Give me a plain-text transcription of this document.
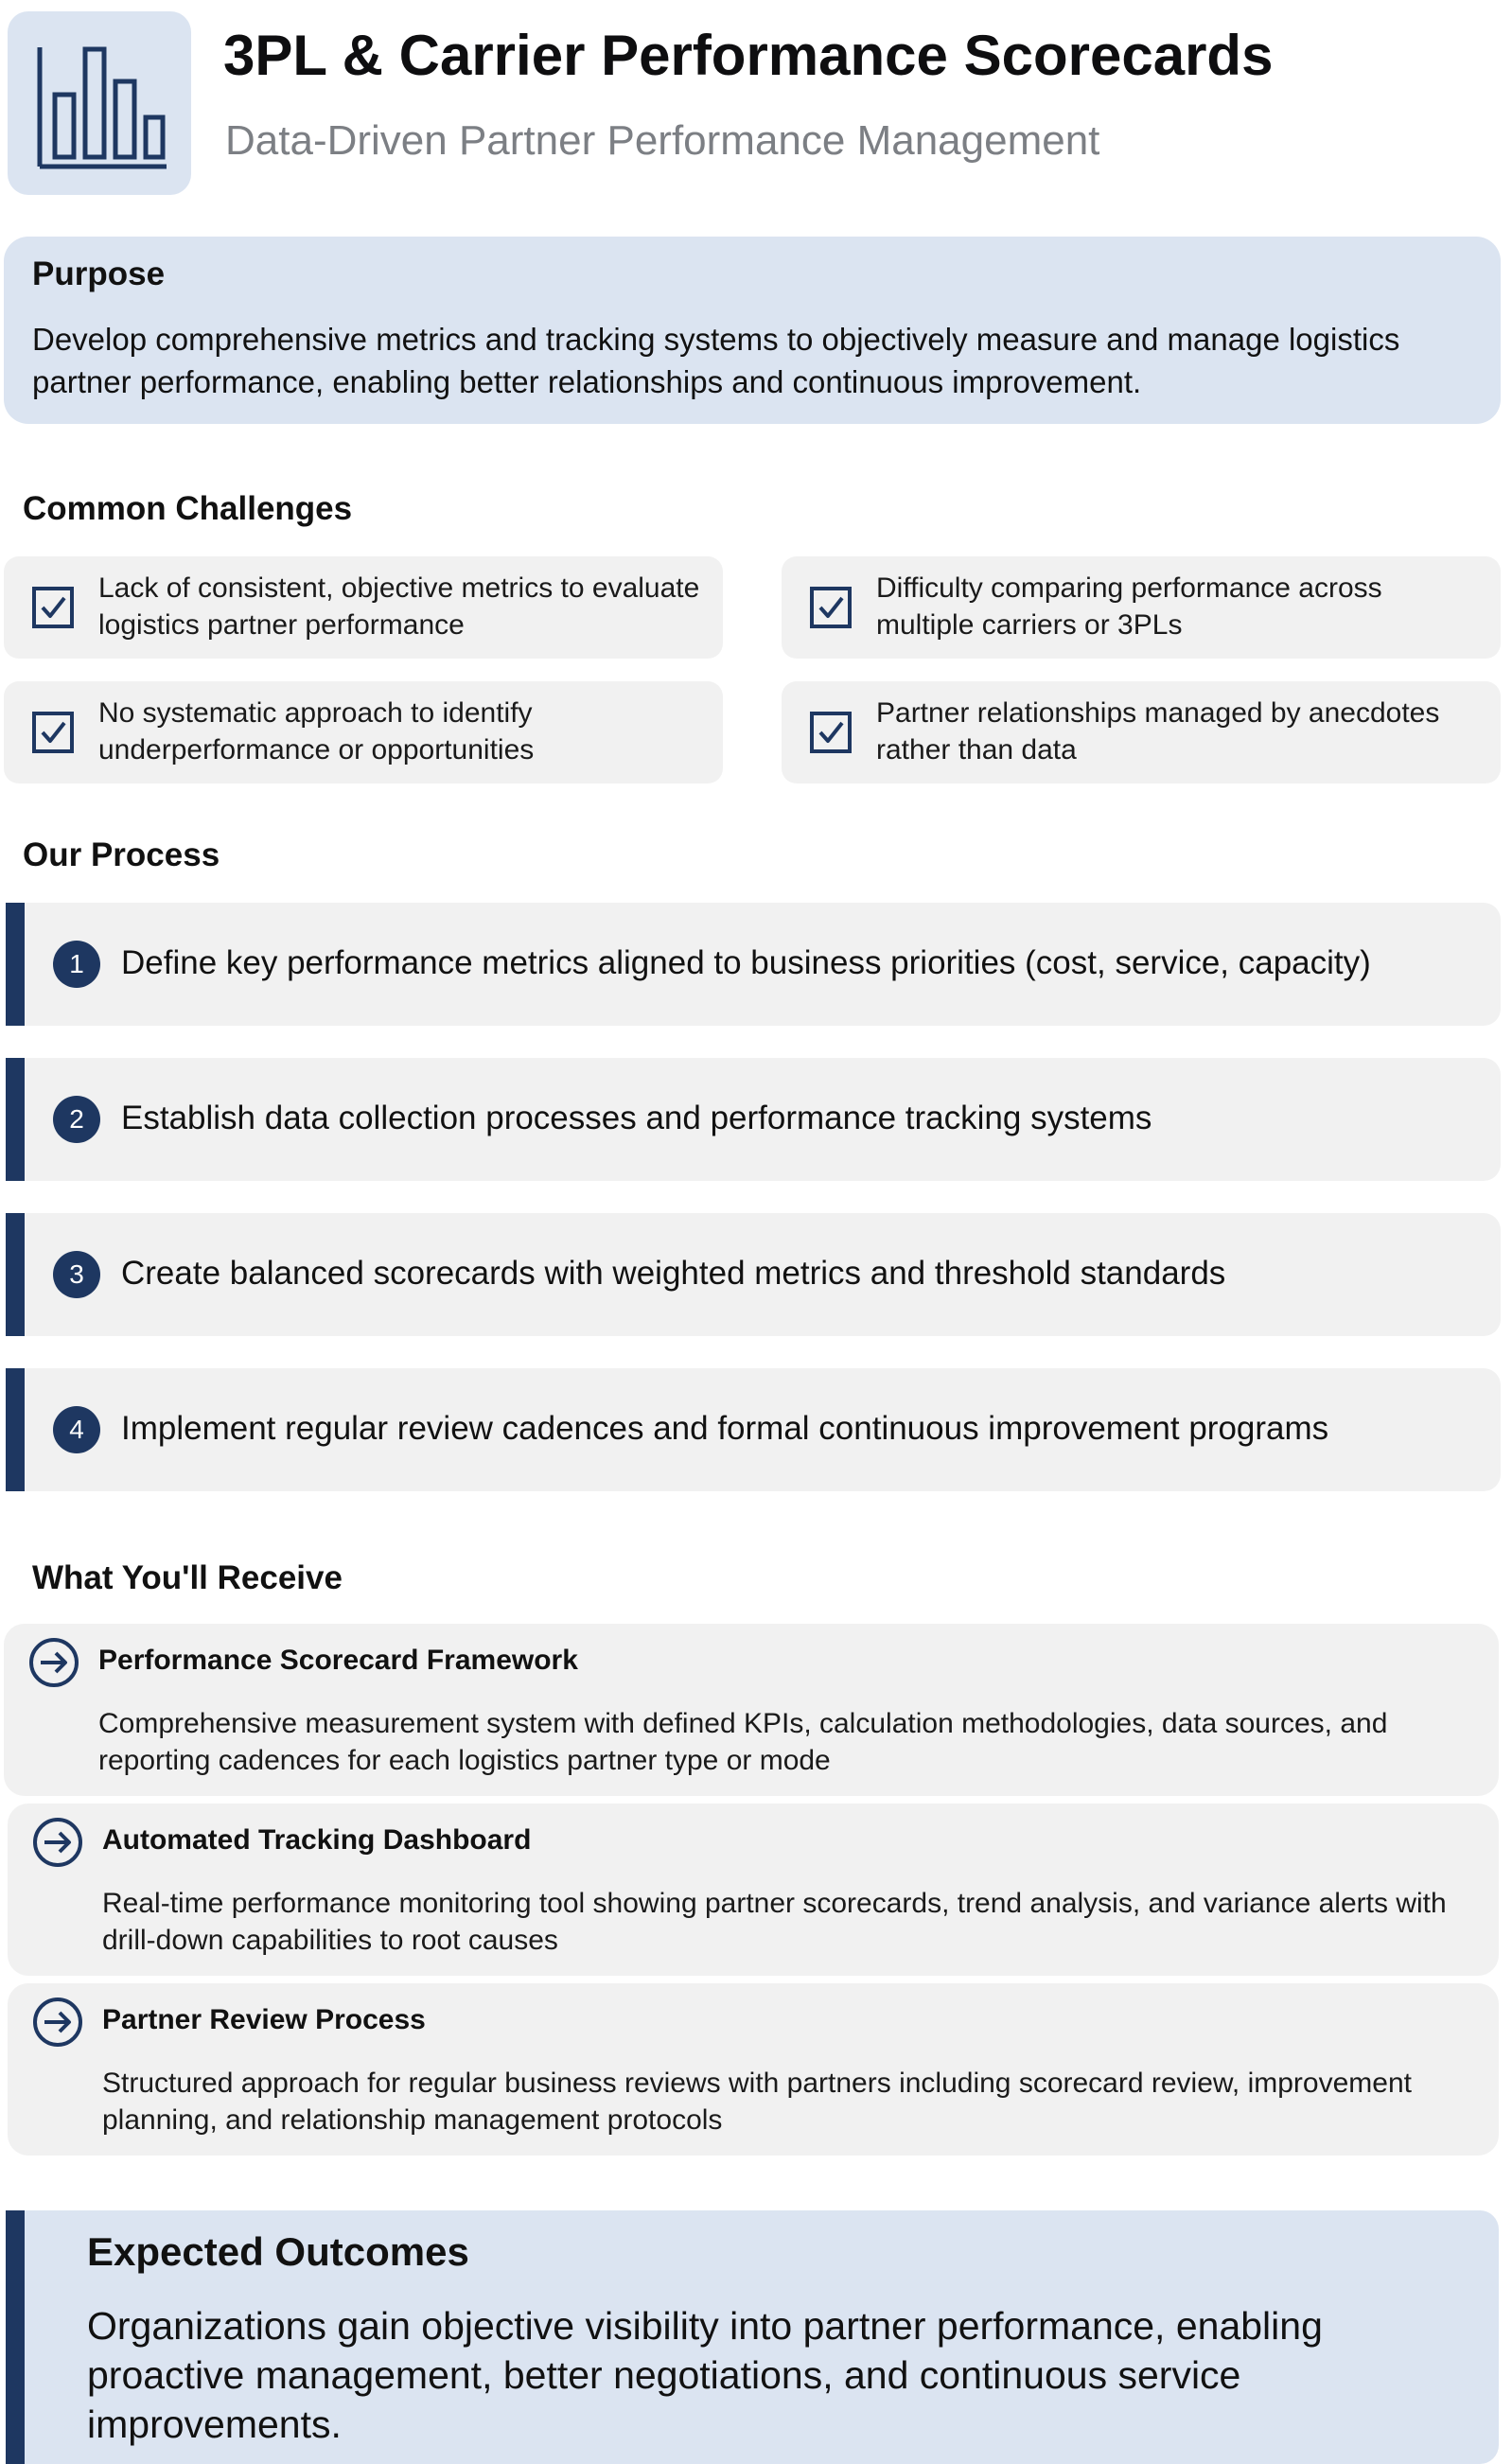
3PL & Carrier Performance Scorecards
Data-Driven Partner Performance Management
Purpose

Develop comprehensive metrics and tracking systems to objectively measure and manage logistics partner performance, enabling better relationships and continuous improvement.

Common Challenges
Lack of consistent, objective metrics to evaluate logistics partner performance
Difficulty comparing performance across multiple carriers or 3PLs
No systematic approach to identify underperformance or opportunities
Partner relationships managed by anecdotes rather than data
Our Process
1	Define key performance metrics aligned to business priorities (cost, service, capacity)
2	Establish data collection processes and performance tracking systems
3	Create balanced scorecards with weighted metrics and threshold standards
4	Implement regular review cadences and formal continuous improvement programs
What You'll Receive
Performance Scorecard Framework
Comprehensive measurement system with defined KPIs, calculation methodologies, data sources, and reporting cadences for each logistics partner type or mode
Automated Tracking Dashboard
Real-time performance monitoring tool showing partner scorecards, trend analysis, and variance alerts with drill-down capabilities to root causes
Partner Review Process
Structured approach for regular business reviews with partners including scorecard review, improvement planning, and relationship management protocols
Expected Outcomes

Organizations gain objective visibility into partner performance, enabling proactive management, better negotiations, and continuous service improvements.
